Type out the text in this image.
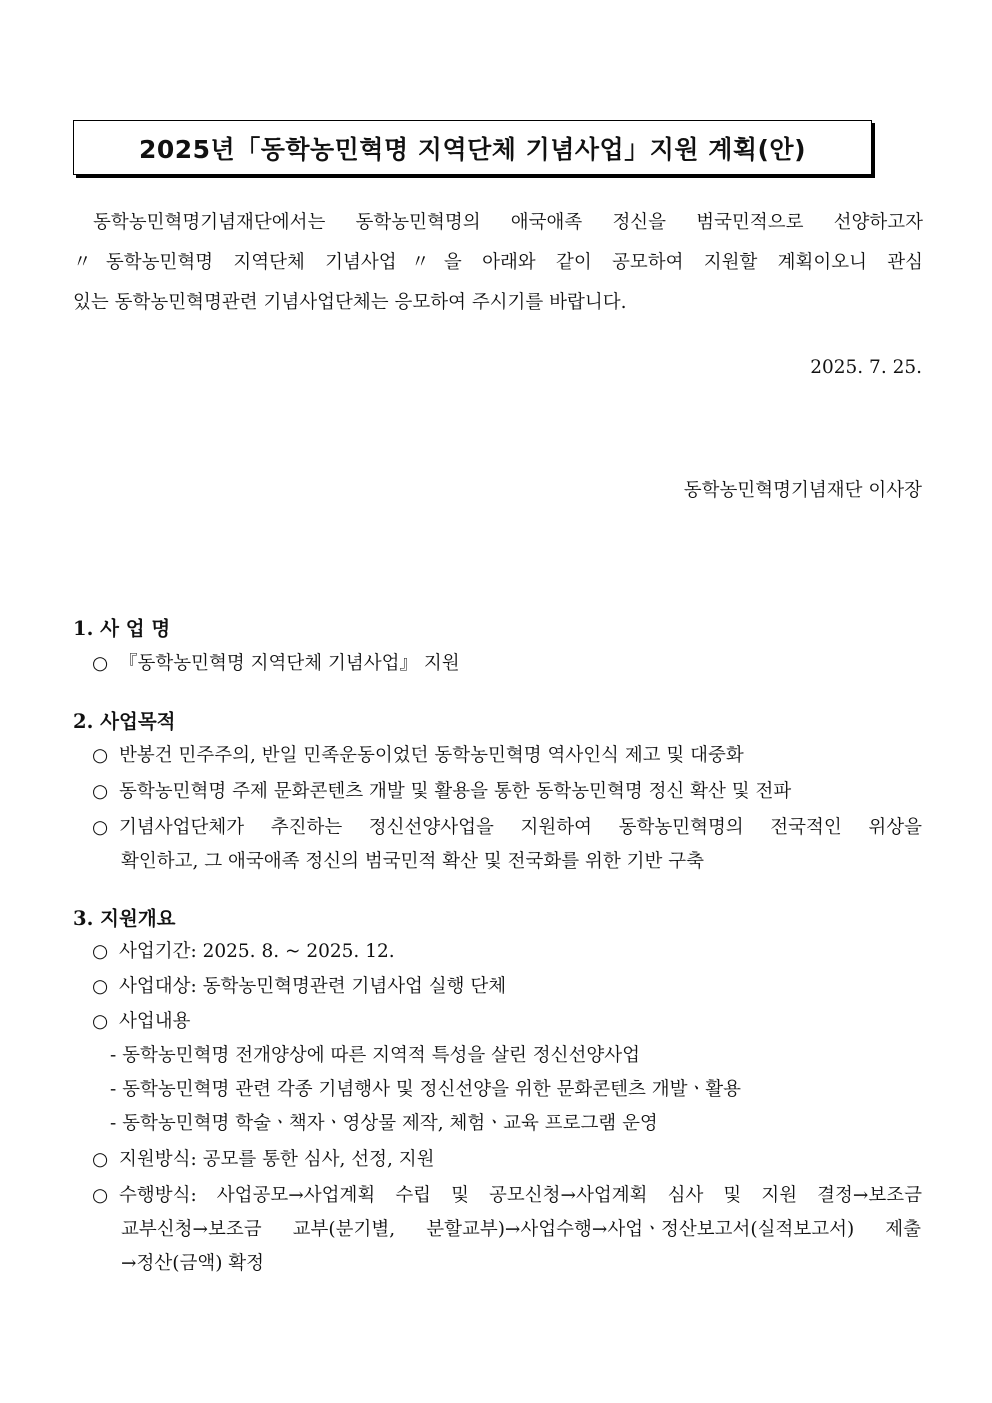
2025년「동학농민혁명 지역단체 기념사업」지원 계획(안)
동학농민혁명기념재단에서는 동학농민혁명의 애국애족 정신을 범국민적으로 선양하고자
〃동학농민혁명 지역단체 기념사업〃을 아래와 같이 공모하여 지원할 계획이오니 관심
있는 동학농민혁명관련 기념사업단체는 응모하여 주시기를 바랍니다.
2025. 7. 25.
동학농민혁명기념재단 이사장
1. 사 업 명
○ 『동학농민혁명 지역단체 기념사업』 지원
2. 사업목적
○ 반봉건 민주주의, 반일 민족운동이었던 동학농민혁명 역사인식 제고 및 대중화
○ 동학농민혁명 주제 문화콘텐츠 개발 및 활용을 통한 동학농민혁명 정신 확산 및 전파
○ 기념사업단체가 추진하는 정신선양사업을 지원하여 동학농민혁명의 전국적인 위상을
확인하고, 그 애국애족 정신의 범국민적 확산 및 전국화를 위한 기반 구축
3. 지원개요
○ 사업기간: 2025. 8. ~ 2025. 12.
○ 사업대상: 동학농민혁명관련 기념사업 실행 단체
○ 사업내용
- 동학농민혁명 전개양상에 따른 지역적 특성을 살린 정신선양사업
- 동학농민혁명 관련 각종 기념행사 및 정신선양을 위한 문화콘텐츠 개발ㆍ활용
- 동학농민혁명 학술ㆍ책자ㆍ영상물 제작, 체험ㆍ교육 프로그램 운영
○ 지원방식: 공모를 통한 심사, 선정, 지원
○ 수행방식: 사업공모→사업계획 수립 및 공모신청→사업계획 심사 및 지원 결정→보조금
교부신청→보조금 교부(분기별, 분할교부)→사업수행→사업ㆍ정산보고서(실적보고서) 제출
→정산(금액) 확정
